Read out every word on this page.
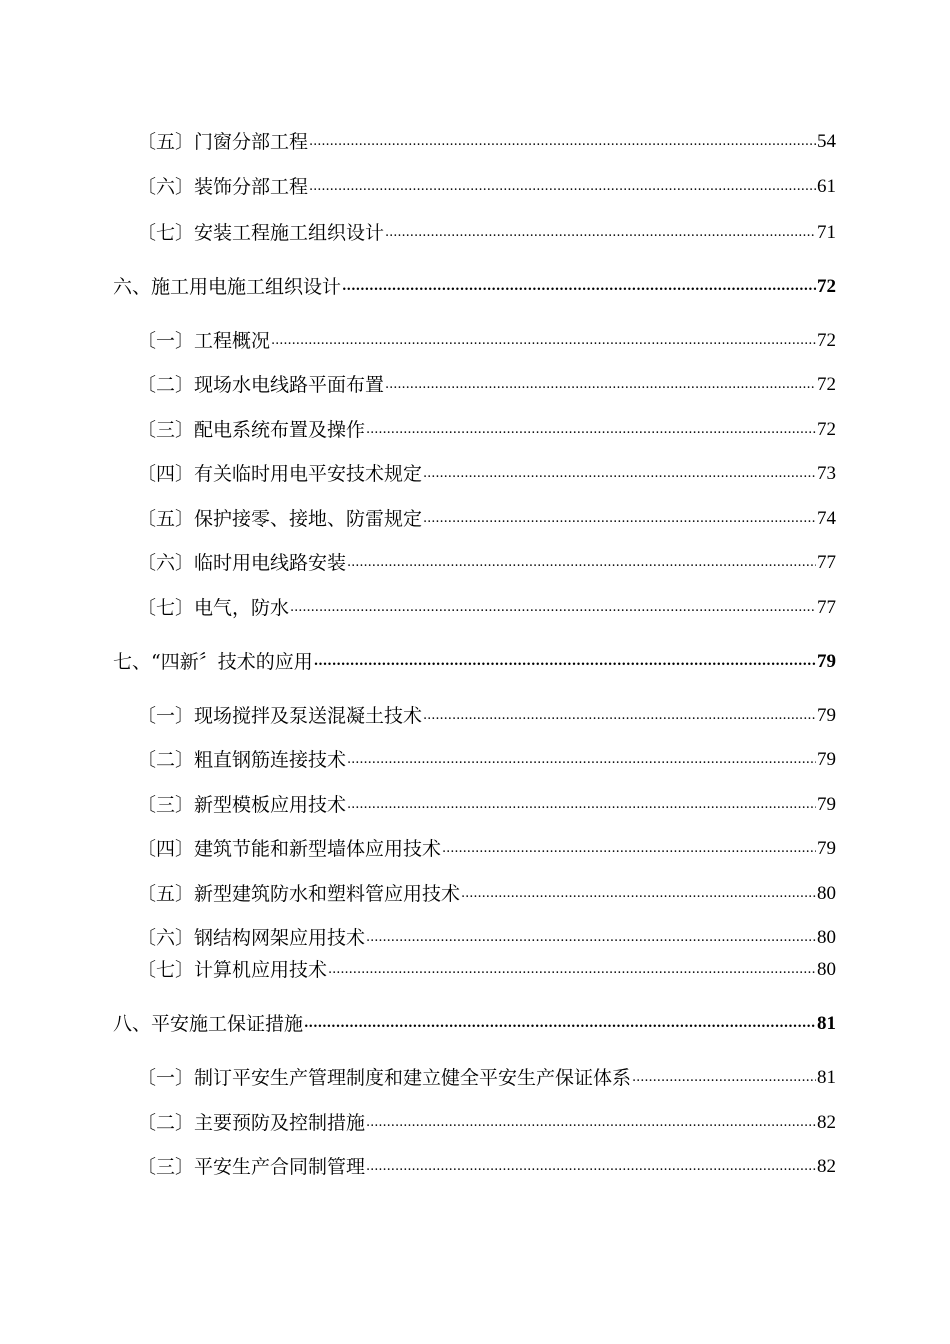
〔五〕门窗分部工程 .....	54
〔六〕装饰分部工程 .....	61
〔七〕安装工程施工组织设计 .....	71
六、施工用电施工组织设计 .....	72
〔一〕工程概况 .....	72
〔二〕现场水电线路平面布置 .....	72
〔三〕配电系统布置及操作 .....	72
〔四〕有关临时用电平安技术规定 .....	73
〔五〕保护接零、接地、防雷规定 .....	74
〔六〕临时用电线路安装 .....	77
〔七〕电气，防水 .....	77
七、“四新〞技术的应用 .....	79
〔一〕现场搅拌及泵送混凝土技术 .....	79
〔二〕粗直钢筋连接技术 .....	79
〔三〕新型模板应用技术 .....	79
〔四〕建筑节能和新型墙体应用技术 .....	79
〔五〕新型建筑防水和塑料管应用技术 .....	80
〔六〕钢结构网架应用技术 .....	80
〔七〕计算机应用技术 .....	80
八、平安施工保证措施 .....	81
〔一〕制订平安生产管理制度和建立健全平安生产保证体系 .....	81
〔二〕主要预防及控制措施 .....	82
〔三〕平安生产合同制管理 .....	82
